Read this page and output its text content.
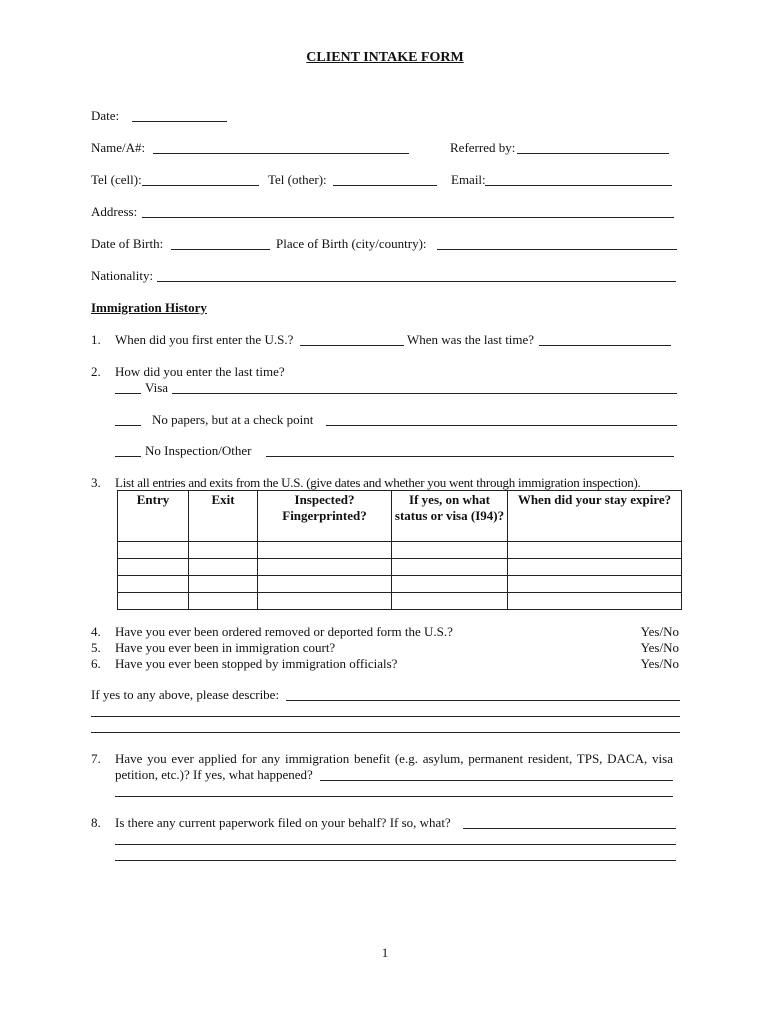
CLIENT INTAKE FORM
Date:
Name/A#:	Referred by:
Tel (cell):	Tel (other):	Email:
Address:
Date of Birth:	Place of Birth (city/country):
Nationality:
Immigration History
1. When did you first enter the U.S.?	When was the last time?
2. How did you enter the last time?
Visa
No papers, but at a check point
No Inspection/Other
3. List all entries and exits from the U.S. (give dates and whether you went through immigration inspection).
Entry	Exit	Inspected? Fingerprinted?	If yes, on what status or visa (I94)?	When did your stay expire?

4. Have you ever been ordered removed or deported form the U.S.?	Yes/No
5. Have you ever been in immigration court?	Yes/No
6. Have you ever been stopped by immigration officials?	Yes/No
If yes to any above, please describe:
7. Have you ever applied for any immigration benefit (e.g. asylum, permanent resident, TPS, DACA, visa
petition, etc.)? If yes, what happened?
8. Is there any current paperwork filed on your behalf? If so, what?
1
